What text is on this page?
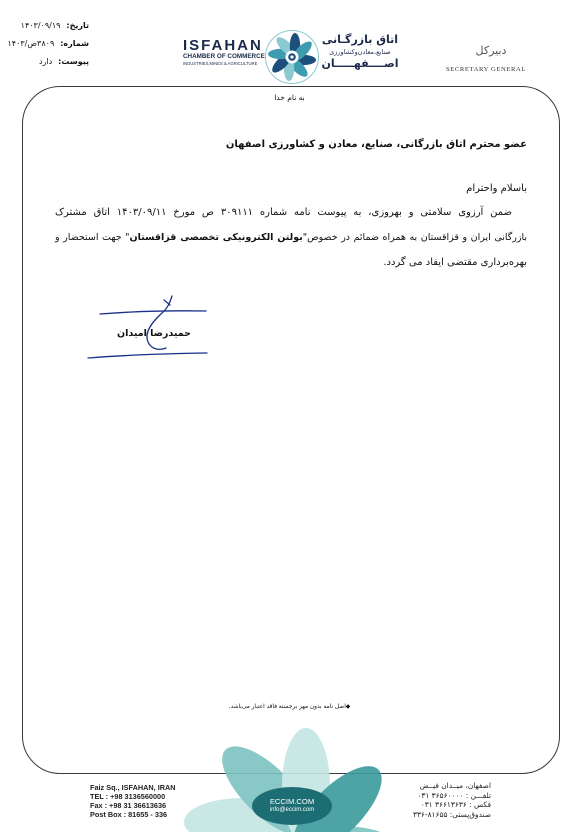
تاریخ:
۱۴۰۳/۰۹/۱۹
شماره:
۳۸۰۹ص/۱۴۰۳
پیوست:
دارد
ISFAHAN
CHAMBER OF COMMERCE
INDUSTRIES,MINES & AGRICULTURE
اتاق بازرگـانی
صنایع،معادن‌وکشاورزی
اصــــفهـــــان
دبیرکل
SECRETARY GENERAL
به نام خدا
عضو محترم اتاق بازرگانی، صنایع، معادن و کشاورزی اصفهان
باسلام واحترام
ضمن آرزوی سلامتی و بهروزی، به پیوست نامه شماره ۳۰۹۱۱۱ ص مورخ ۱۴۰۳/۰۹/۱۱ اتاق مشترک
بازرگانی ایران و قزاقستان به همراه ضمائم در خصوص"بولتن الکترونیکی تخصصی قزاقستان" جهت استحضار و
بهره‌برداری مقتضی ایفاد می گردد.
حمیدرضا امیدان
◆اصل نامه بدون مهر برجسته فاقد اعتبار می‌باشد.
ECCIM.COM
info@eccim.com
Faiz Sq., ISFAHAN, IRAN
TEL : +98 3136560000
Fax : +98 31 36613636
Post Box : 81655 - 336
اصفهان، میــدان فیــض
تلفـــن : ۳۶۵۶۰۰۰۰ ۰۳۱
فکس : ۳۶۶۱۳۶۳۶ ۰۳۱
صندوق‌پستی: ۸۱۶۵۵-۳۳۶
